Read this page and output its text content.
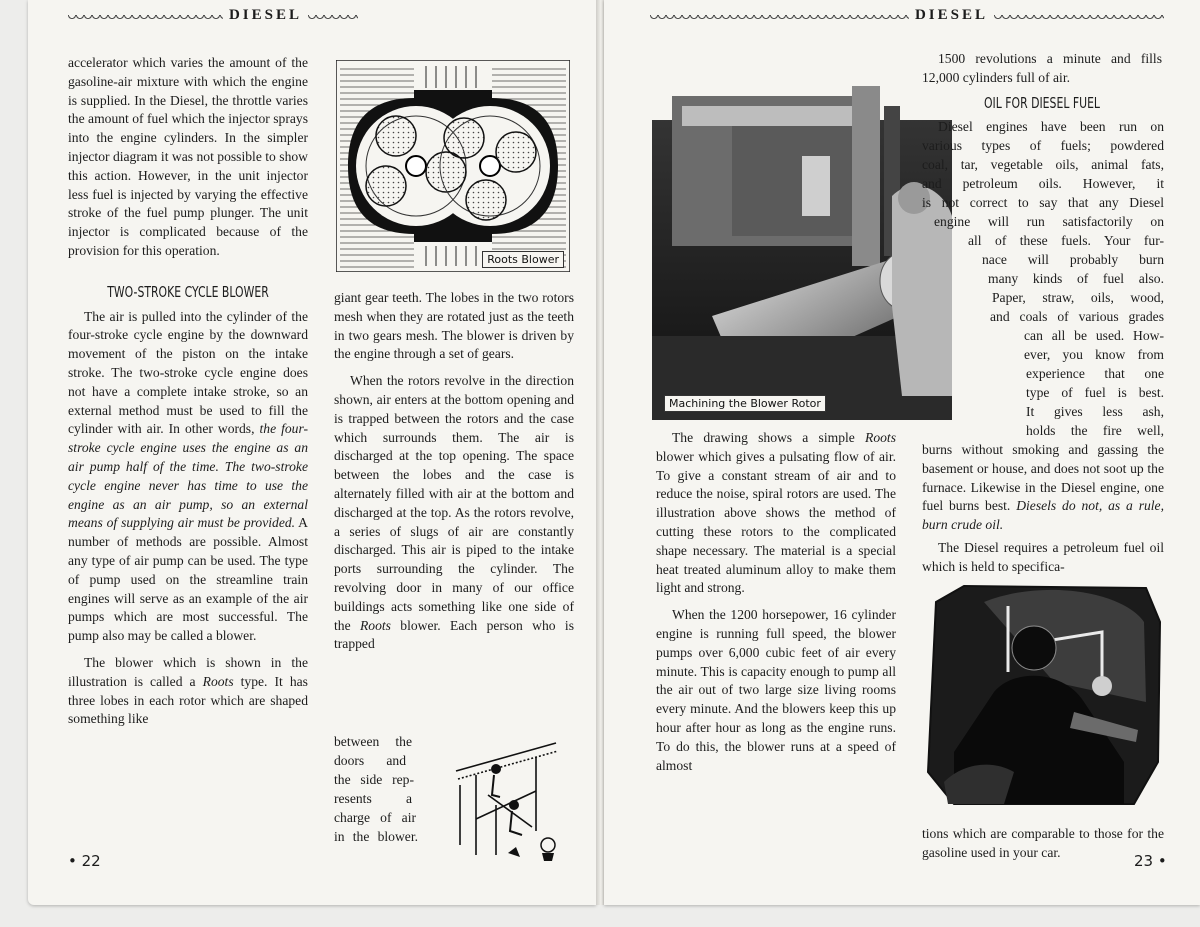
DIESEL

accelerator which varies the amount of the gasoline-air mixture with which the engine is supplied. In the Diesel, the throttle varies the amount of fuel which the injector sprays into the engine cylinders. In the simpler injector diagram it was not possible to show this action. However, in the unit injector less fuel is injected by varying the effective stroke of the fuel pump plunger. The unit injector is complicated because of the provision for this operation.

TWO-STROKE CYCLE BLOWER

The air is pulled into the cylinder of the four-stroke cycle engine by the downward movement of the piston on the intake stroke. The two-stroke cycle engine does not have a complete intake stroke, so an external method must be used to fill the cylinder with air. In other words, the four-stroke cycle engine uses the engine as an air pump half of the time. The two-stroke cycle engine never has time to use the engine as an air pump, so an external means of supplying air must be provided. A number of methods are possible. Almost any type of air pump can be used. The type of pump used on the streamline train engines will serve as an example of the air pumps which are most successful. The pump also may be called a blower.

The blower which is shown in the illustration is called a Roots type. It has three lobes in each rotor which are shaped something like

Roots Blower

giant gear teeth. The lobes in the two rotors mesh when they are rotated just as the teeth in two gears mesh. The blower is driven by the engine through a set of gears.

When the rotors revolve in the direction shown, air enters at the bottom opening and is trapped between the rotors and the case which surrounds them. The air is discharged at the top opening. The space between the lobes and the case is alternately filled with air at the bottom and discharged at the top. As the rotors revolve, a series of slugs of air are constantly discharged. This air is piped to the intake ports surrounding the cylinder. The revolving door in many of our office buildings acts something like one side of the Roots blower. Each person who is trapped

between the
doors and
the side rep-
resents a
charge of air
in the blower.
• 22
DIESEL
Machining the Blower Rotor

The drawing shows a simple Roots blower which gives a pulsating flow of air. To give a constant stream of air and to reduce the noise, spiral rotors are used. The illustration above shows the method of cutting these rotors to the complicated shape necessary. The material is a special heat treated aluminum alloy to make them light and strong.

When the 1200 horsepower, 16 cylinder engine is running full speed, the blower pumps over 6,000 cubic feet of air every minute. This is capacity enough to pump all the air out of two large size living rooms every minute. And the blowers keep this up hour after hour as long as the engine runs. To do this, the blower runs at a speed of almost

1500 revolutions a minute and fills 12,000 cylinders full of air.

OIL FOR DIESEL FUEL
Diesel engines have been run on
various types of fuels; powdered
coal, tar, vegetable oils, animal fats,
and petroleum oils. However, it
is not correct to say that any Diesel
engine will run satisfactorily on
all of these fuels. Your fur-
nace will probably burn
many kinds of fuel also.
Paper, straw, oils, wood,
and coals of various grades
can all be used. How-
ever, you know from
experience that one
type of fuel is best.
It gives less ash,
holds the fire well,

burns without smoking and gassing the basement or house, and does not soot up the furnace. Likewise in the Diesel engine, one fuel burns best. Diesels do not, as a rule, burn crude oil.

The Diesel requires a petroleum fuel oil which is held to specifica-

tions which are comparable to those for the gasoline used in your car.	23 •
